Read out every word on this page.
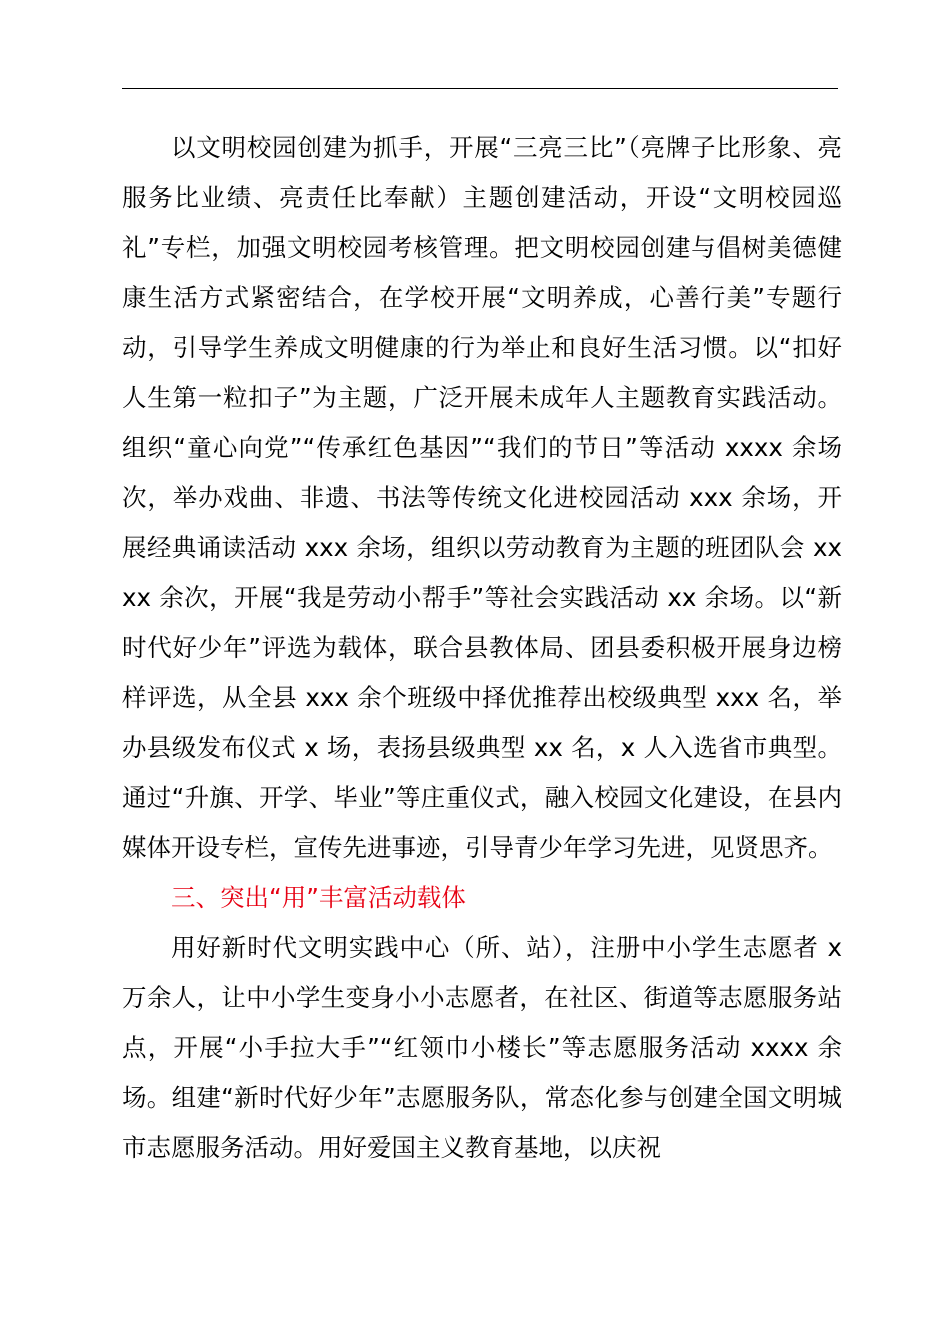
以文明校园创建为抓手，开展“三亮三比”（亮牌子比形象、亮服务比业绩、亮责任比奉献）主题创建活动，开设“文明校园巡礼”专栏，加强文明校园考核管理。把文明校园创建与倡树美德健康生活方式紧密结合，在学校开展“文明养成，心善行美”专题行动，引导学生养成文明健康的行为举止和良好生活习惯。以“扣好人生第一粒扣子”为主题，广泛开展未成年人主题教育实践活动。组织“童心向党”“传承红色基因”“我们的节日”等活动 xxxx 余场次，举办戏曲、非遗、书法等传统文化进校园活动 xxx 余场，开展经典诵读活动 xxx 余场，组织以劳动教育为主题的班团队会 xxxx 余次，开展“我是劳动小帮手”等社会实践活动 xx 余场。以“新时代好少年”评选为载体，联合县教体局、团县委积极开展身边榜样评选，从全县 xxx 余个班级中择优推荐出校级典型 xxx 名，举办县级发布仪式 x 场，表扬县级典型 xx 名，x 人入选省市典型。通过“升旗、开学、毕业”等庄重仪式，融入校园文化建设，在县内媒体开设专栏，宣传先进事迹，引导青少年学习先进，见贤思齐。

三、突出“用”丰富活动载体

用好新时代文明实践中心（所、站），注册中小学生志愿者 x 万余人，让中小学生变身小小志愿者，在社区、街道等志愿服务站点，开展“小手拉大手”“红领巾小楼长”等志愿服务活动 xxxx 余场。组建“新时代好少年”志愿服务队，常态化参与创建全国文明城市志愿服务活动。用好爱国主义教育基地，以庆祝
